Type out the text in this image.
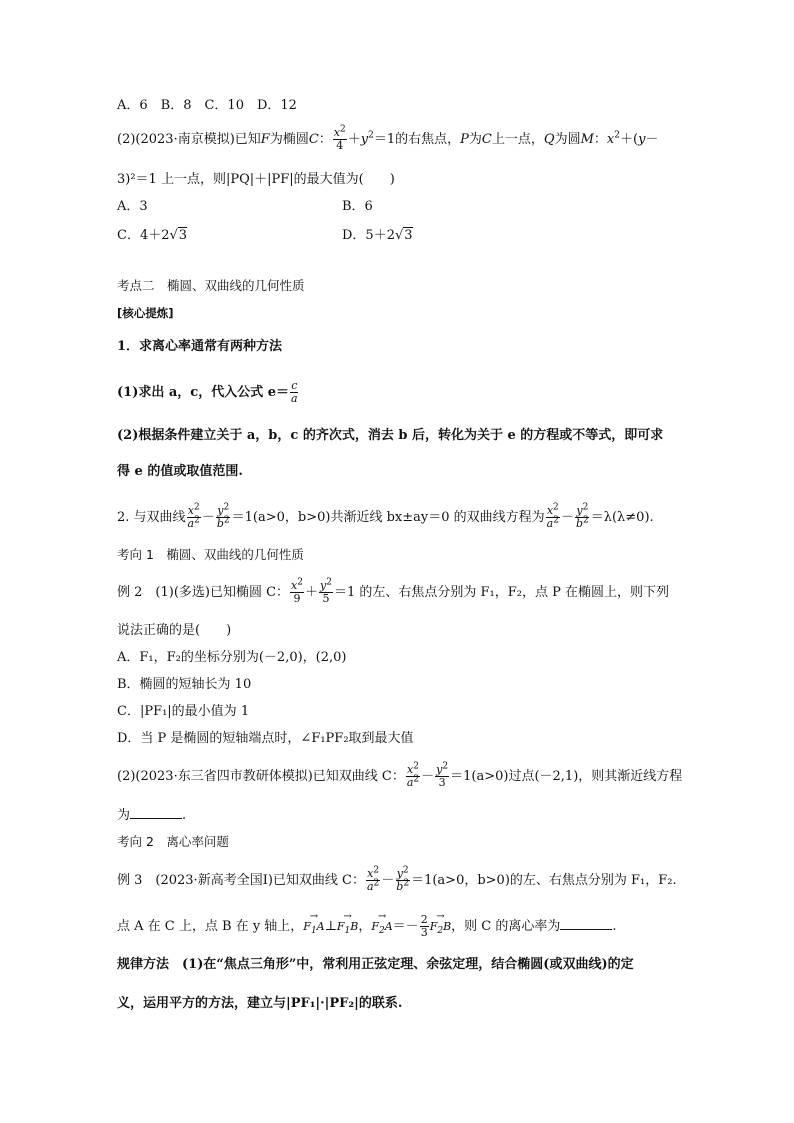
A．6　B．8　C．10　D．12
(2)(2023·南京模拟)已知F为椭圆C： $\frac{x^2}{4} +y^2=1$的右焦点，P为C上一点，Q为圆M：$x^2+(y-$
3)²＝1 上一点，则|PQ|＋|PF|的最大值为(　　)
A．3	B．6
C．4＋2√3	D．5＋2√3
考点二　椭圆、双曲线的几何性质
[核心提炼]
1．求离心率通常有两种方法
(1)求出 a，c，代入公式 $e= \frac{c}{a}$
(2)根据条件建立关于 a，b，c 的齐次式，消去 b 后，转化为关于 e 的方程或不等式，即可求
得 e 的值或取值范围.
2. 与双曲线 $\frac{x^2}{a^2} - \frac{y^2}{b^2} =1(a>0$，b>0)共渐近线 bx±ay＝0 的双曲线方程为 $\frac{x^2}{a^2} - \frac{y^2}{b^2} =\lambda(\lambda\ne 0)$.
考向 1　椭圆、双曲线的几何性质
例 2　(1)(多选)已知椭圆 C： $\frac{x^2}{9} + \frac{y^2}{5} =1$ 的左、右焦点分别为 F₁，F₂，点 P 在椭圆上，则下列
说法正确的是(　　)
A．F₁，F₂的坐标分别为(－2,0)，(2,0)
B．椭圆的短轴长为 10
C．|PF₁|的最小值为 1
D．当 P 是椭圆的短轴端点时，∠F₁PF₂取到最大值
(2)(2023·东三省四市教研体模拟)已知双曲线 C： $\frac{x^2}{a^2} - \frac{y^2}{3} =1(a>0)$过点(－2,1)，则其渐近线方程
为	.
考向 2　离心率问题
例 3　(2023·新高考全国Ⅰ)已知双曲线 C： $\frac{x^2}{a^2} - \frac{y^2}{b^2} =1(a>0$，b>0)的左、右焦点分别为 F₁，F₂.
点 A 在 C 上，点 B 在 y 轴上，→ $F_1A\perp\to F_1B$，→ $F_2A=- \frac{2}{3}$
→ $F_2B$，则 C 的离心率为	.
规律方法　(1)在“焦点三角形”中，常利用正弦定理、余弦定理，结合椭圆(或双曲线)的定
义，运用平方的方法，建立与|PF₁|·|PF₂|的联系.
